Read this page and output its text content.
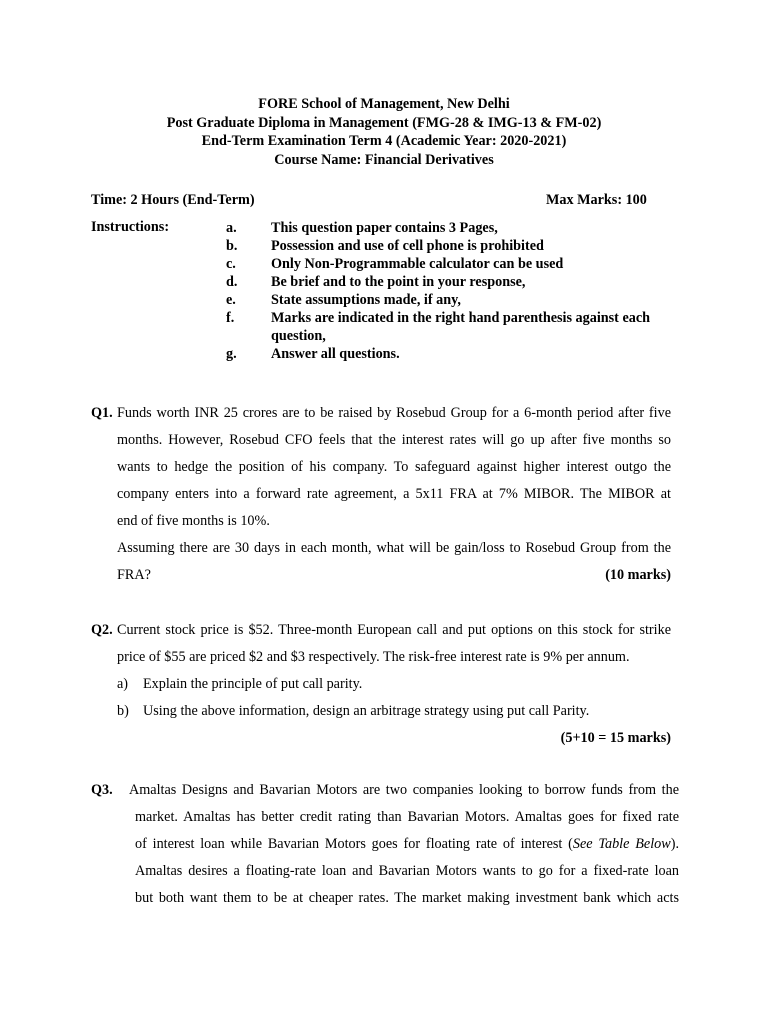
FORE School of Management, New Delhi
Post Graduate Diploma in Management (FMG-28 & IMG-13 & FM-02)
End-Term Examination Term 4 (Academic Year: 2020-2021)
Course Name: Financial Derivatives
Time: 2 Hours (End-Term)	Max Marks: 100
Instructions:	a.	This question paper contains 3 Pages,
b.	Possession and use of cell phone is prohibited
c.	Only Non-Programmable calculator can be used
d.	Be brief and to the point in your response,
e.	State assumptions made, if any,
f.	Marks are indicated in the right hand parenthesis against each question,
g.	Answer all questions.
Q1. Funds worth INR 25 crores are to be raised by Rosebud Group for a 6-month period after five
months. However, Rosebud CFO feels that the interest rates will go up after five months so
wants to hedge the position of his company. To safeguard against higher interest outgo the
company enters into a forward rate agreement, a 5x11 FRA at 7% MIBOR. The MIBOR at
end of five months is 10%.
Assuming there are 30 days in each month, what will be gain/loss to Rosebud Group from the
FRA?	(10 marks)
Q2. Current stock price is $52. Three-month European call and put options on this stock for strike
price of $55 are priced $2 and $3 respectively. The risk-free interest rate is 9% per annum.
a)	Explain the principle of put call parity.
b) Using the above information, design an arbitrage strategy using put call Parity.
(5+10 = 15 marks)
Q3. Amaltas Designs and Bavarian Motors are two companies looking to borrow funds from the
market. Amaltas has better credit rating than Bavarian Motors. Amaltas goes for fixed rate
of interest loan while Bavarian Motors goes for floating rate of interest (See Table Below).
Amaltas desires a floating-rate loan and Bavarian Motors wants to go for a fixed-rate loan
but both want them to be at cheaper rates. The market making investment bank which acts
